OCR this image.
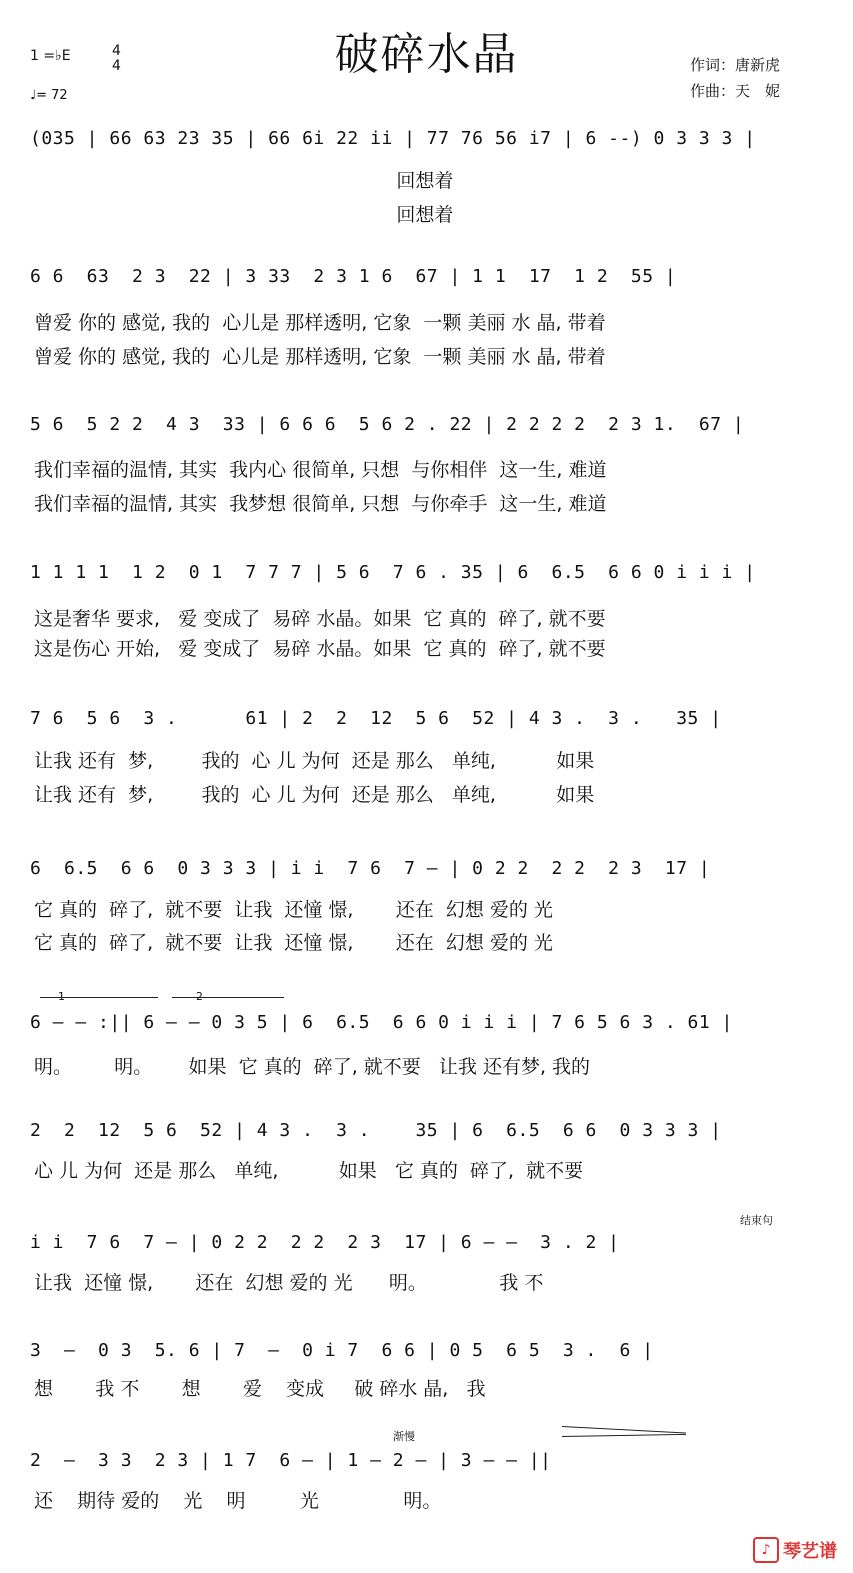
破碎水晶
1 =♭E	4
4
♩= 72
作词：唐新虎
作曲：天　妮
(035 | 66 63 23 35 | 66 6i 22 ii | 77 76 56 i7 | 6 --) 0 3 3 3 |
回想着
回想着
6 6  63  2 3  22 | 3 33  2 3 1 6  67 | 1 1  17  1 2  55 |
曾爱 你的 感觉, 我的  心儿是 那样透明, 它象  一颗 美丽 水 晶, 带着
曾爱 你的 感觉, 我的  心儿是 那样透明, 它象  一颗 美丽 水 晶, 带着
5 6  5 2 2  4 3  33 | 6 6 6  5 6 2 . 22 | 2 2 2 2  2 3 1.  67 |
我们幸福的温情, 其实  我内心 很简单, 只想  与你相伴  这一生, 难道
我们幸福的温情, 其实  我梦想 很简单, 只想  与你牵手  这一生, 难道
1 1 1 1  1 2  0 1  7 7 7 | 5 6  7 6 . 35 | 6  6.5  6 6 0 i i i |
这是奢华 要求,   爱 变成了  易碎 水晶。如果  它 真的  碎了, 就不要
这是伤心 开始,   爱 变成了  易碎 水晶。如果  它 真的  碎了, 就不要
7 6  5 6  3 .      61 | 2  2  12  5 6  52 | 4 3 .  3 .   35 |
让我 还有  梦,        我的  心 儿 为何  还是 那么   单纯,          如果
让我 还有  梦,        我的  心 儿 为何  还是 那么   单纯,          如果
6  6.5  6 6  0 3 3 3 | i i  7 6  7 — | 0 2 2  2 2  2 3  17 |
它 真的  碎了,  就不要  让我  还憧 憬,       还在  幻想 爱的 光
它 真的  碎了,  就不要  让我  还憧 憬,       还在  幻想 爱的 光
1	2
6 — — :|| 6 — — 0 3 5 | 6  6.5  6 6 0 i i i | 7 6 5 6 3 . 61 |
明。       明。      如果  它 真的  碎了, 就不要   让我 还有梦, 我的
2  2  12  5 6  52 | 4 3 .  3 .    35 | 6  6.5  6 6  0 3 3 3 |
心 儿 为何  还是 那么   单纯,          如果   它 真的  碎了,  就不要
结束句
i i  7 6  7 — | 0 2 2  2 2  2 3  17 | 6 — —  3 . 2 |
让我  还憧 憬,       还在  幻想 爱的 光      明。            我 不
3  —  0 3  5. 6 | 7  —  0 i 7  6 6 | 0 5  6 5  3 .  6 |
想       我 不       想       爱    变成     破 碎水 晶,   我
渐慢
2  —  3 3  2 3 | 1 7  6 — | 1 — 2 — | 3 — — ||
还    期待 爱的    光    明         光              明。
♪ 琴艺谱
